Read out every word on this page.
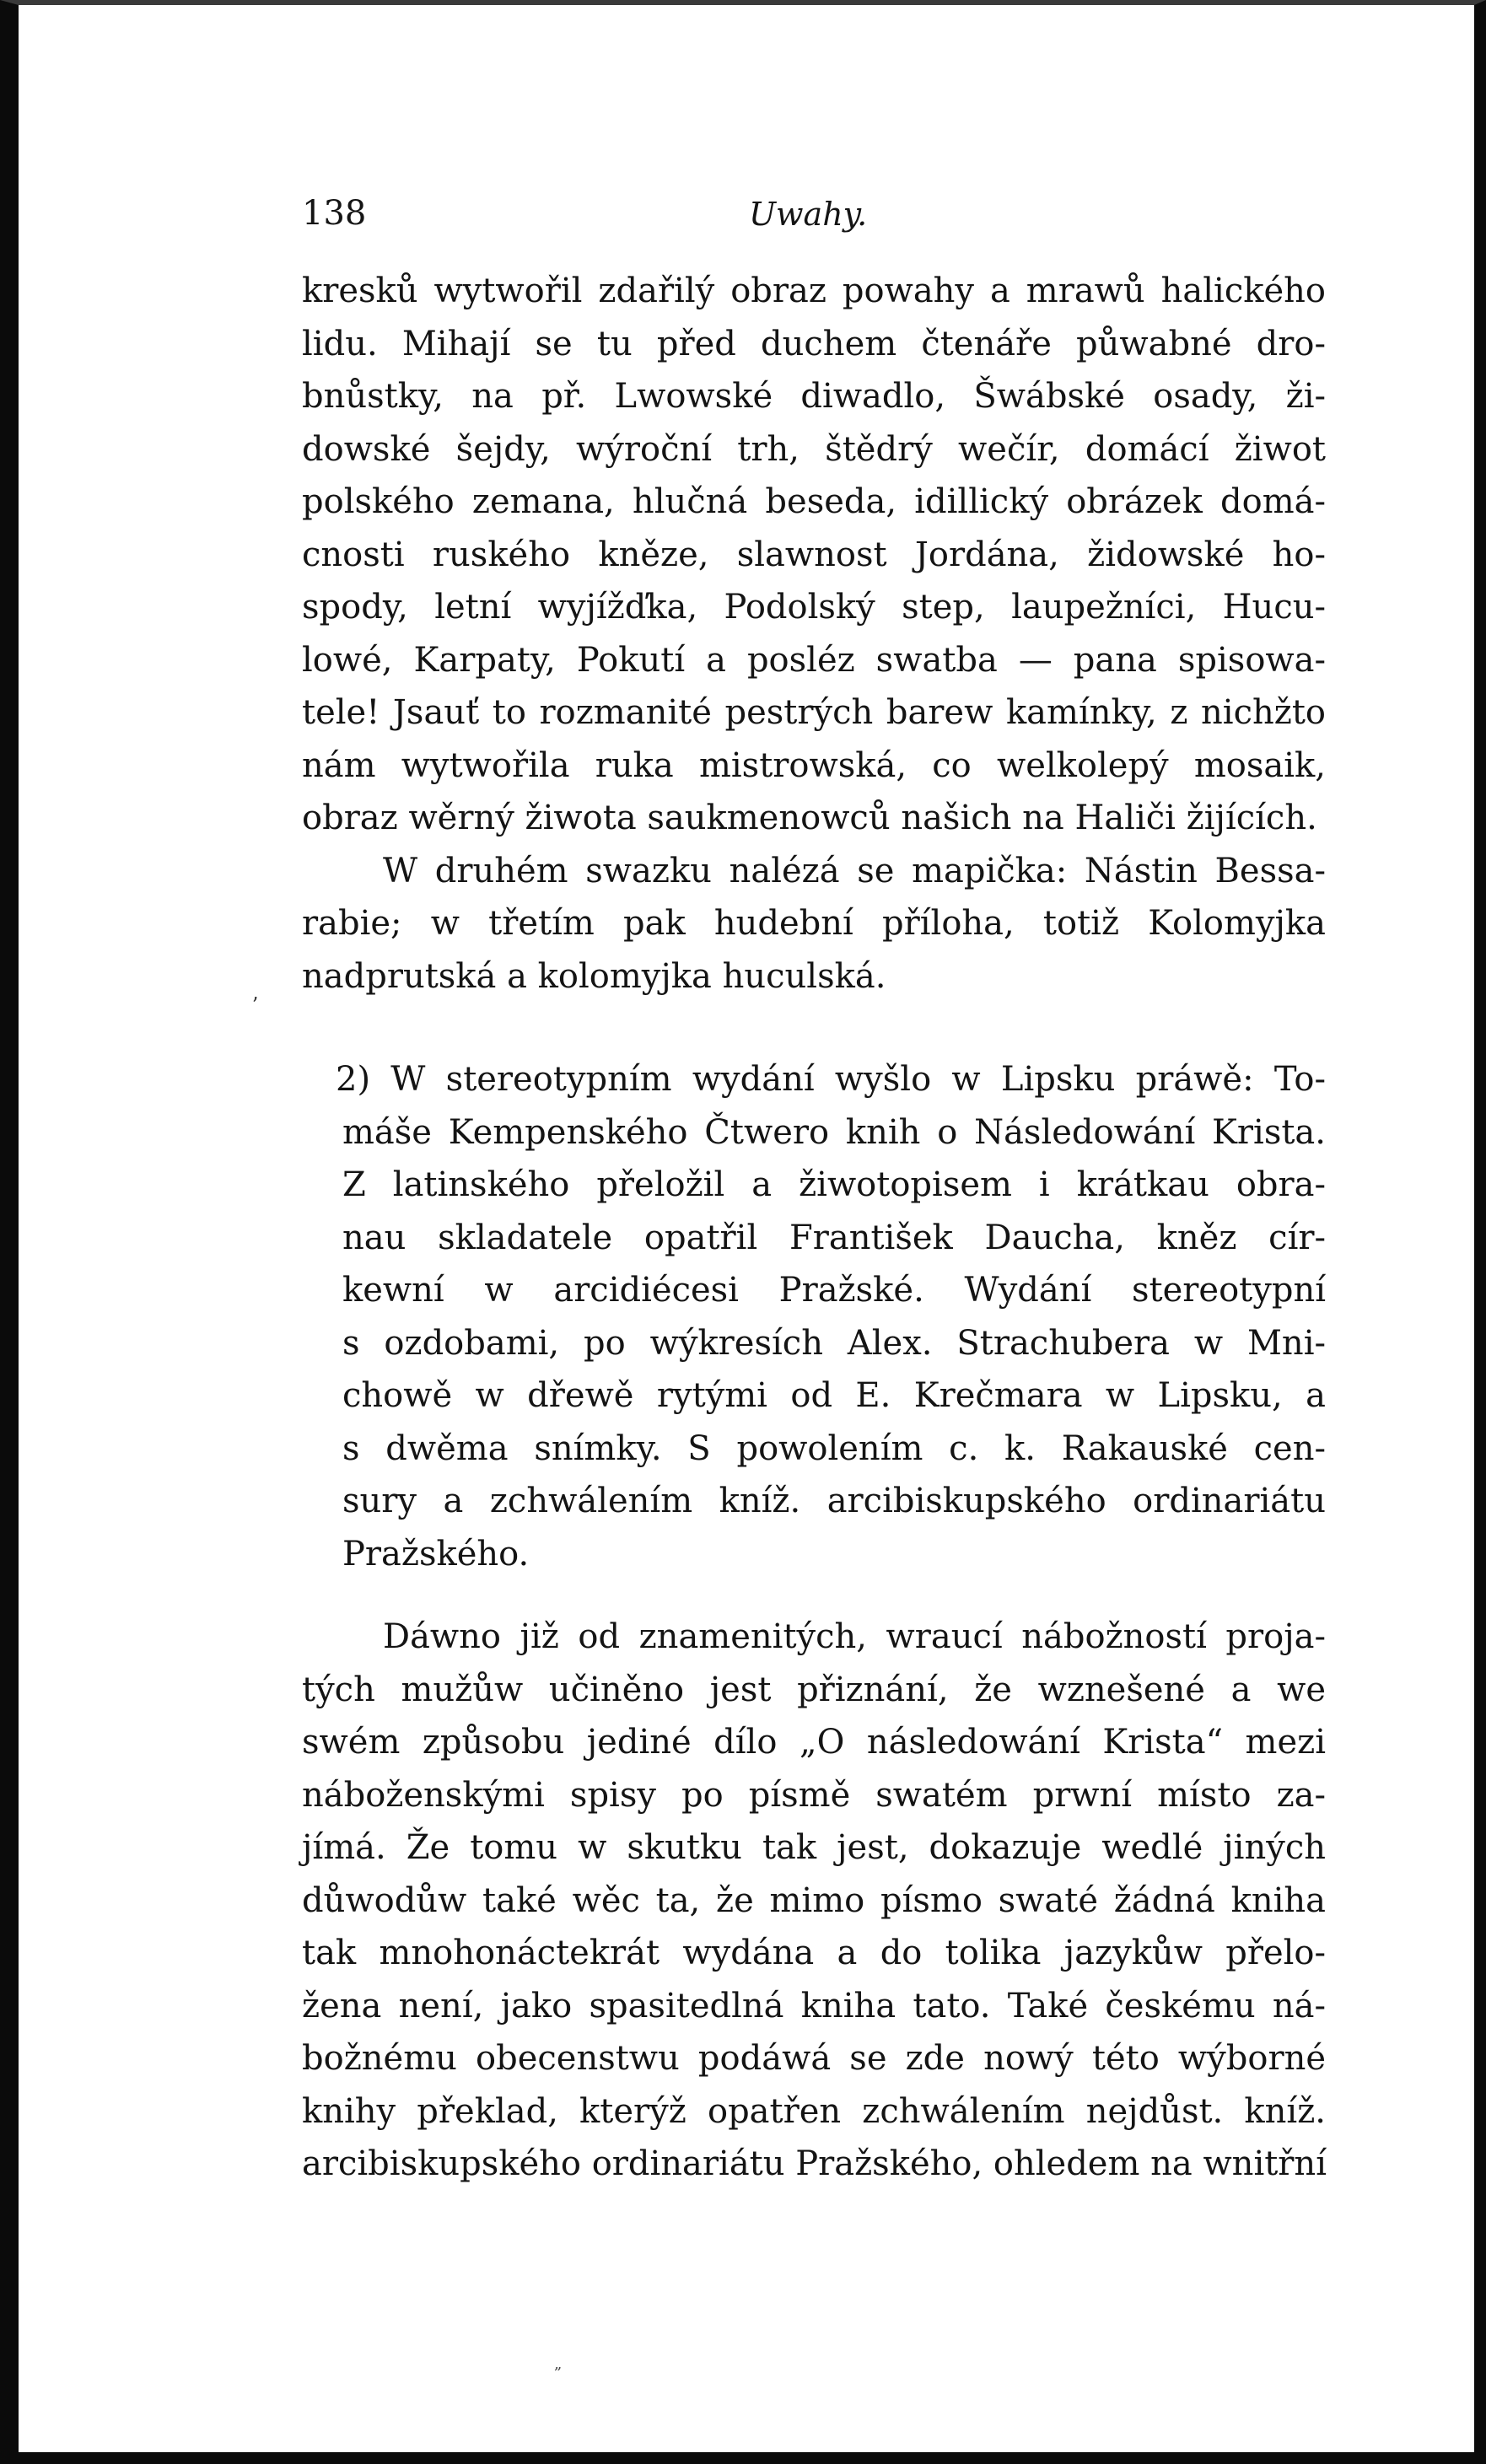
138	Uwahy.
kresků wytwořil zdařilý obraz powahy a mrawů halického
lidu. Mihají se tu před duchem čtenáře půwabné dro-
bnůstky, na př. Lwowské diwadlo, Šwábské osady, ži-
dowské šejdy, wýroční trh, štědrý wečír, domácí žiwot
polského zemana, hlučná beseda, idillický obrázek domá-
cnosti ruského kněze, slawnost Jordána, židowské ho-
spody, letní wyjížďka, Podolský step, laupežníci, Hucu-
lowé, Karpaty, Pokutí a posléz swatba — pana spisowa-
tele! Jsauť to rozmanité pestrých barew kamínky, z nichžto
nám wytwořila ruka mistrowská, co welkolepý mosaik,
obraz wěrný žiwota saukmenowců našich na Haliči žijících.
W druhém swazku nalézá se mapička: Nástin Bessa-
rabie; w třetím pak hudební příloha, totiž Kolomyjka
nadprutská a kolomyjka huculská.
2) W stereotypním wydání wyšlo w Lipsku práwě: To-
máše Kempenského Čtwero knih o Následowání Krista.
Z latinského přeložil a žiwotopisem i krátkau obra-
nau skladatele opatřil František Daucha, kněz cír-
kewní w arcidiécesi Pražské. Wydání stereotypní
s ozdobami, po wýkresích Alex. Strachubera w Mni-
chowě w dřewě rytými od E. Krečmara w Lipsku, a
s dwěma snímky. S powolením c. k. Rakauské cen-
sury a zchwálením kníž. arcibiskupského ordinariátu
Pražského.
Dáwno již od znamenitých, wraucí nábožností proja-
tých mužůw učiněno jest přiznání, že wznešené a we
swém způsobu jediné dílo „O následowání Krista“ mezi
náboženskými spisy po písmě swatém prwní místo za-
jímá. Že tomu w skutku tak jest, dokazuje wedlé jiných
důwodůw také wěc ta, že mimo písmo swaté žádná kniha
tak mnohonáctekrát wydána a do tolika jazykůw přelo-
žena není, jako spasitedlná kniha tato. Také českému ná-
božnému obecenstwu podáwá se zde nowý této wýborné
knihy překlad, kterýž opatřen zchwálením nejdůst. kníž.
arcibiskupského ordinariátu Pražského, ohledem na wnitřní
ʼ
„
